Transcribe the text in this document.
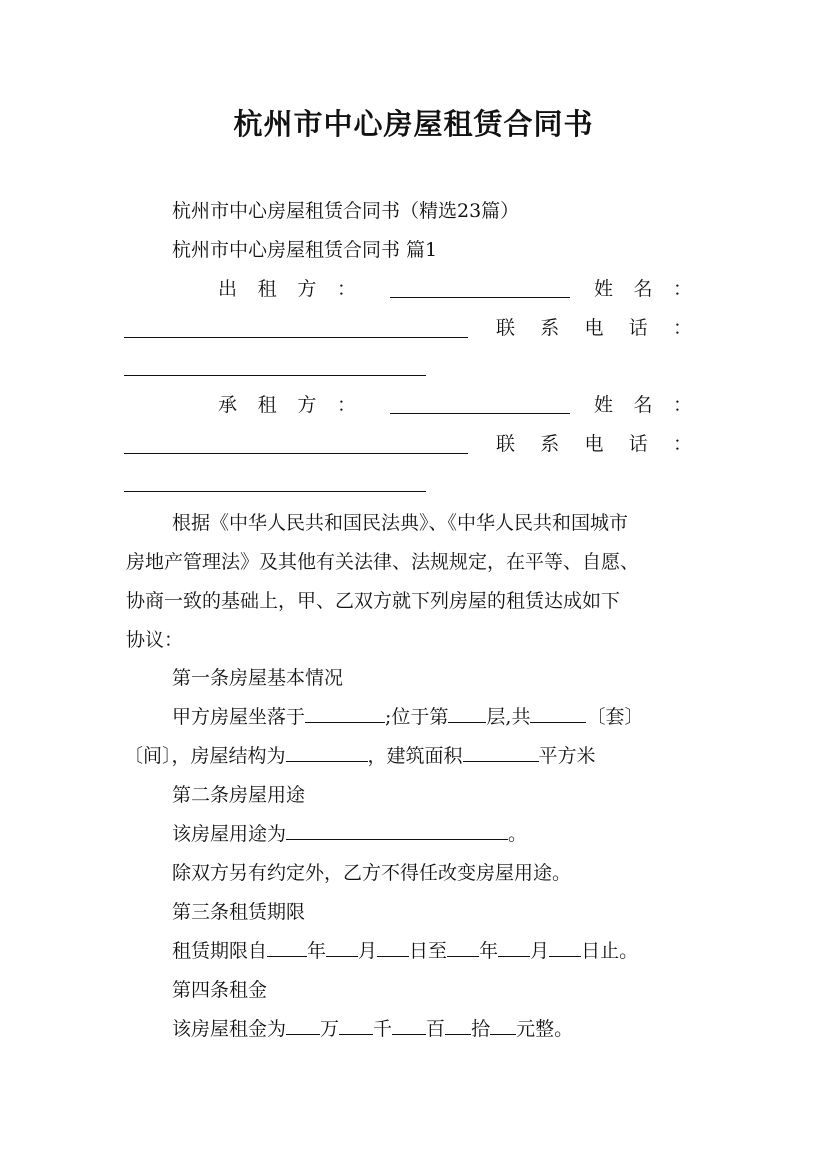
杭州市中心房屋租赁合同书
杭州市中心房屋租赁合同书（精选23篇）
杭州市中心房屋租赁合同书 篇1
出 租 方 ：	姓 名 ：
联 系 电 话 ：
承 租 方 ：	姓 名 ：
联 系 电 话 ：
根据《中华人民共和国民法典》、《中华人民共和国城市
房地产管理法》及其他有关法律、法规规定，在平等、自愿、
协商一致的基础上，甲、乙双方就下列房屋的租赁达成如下
协议：
第一条房屋基本情况
甲方房屋坐落于	;位于第 层,共	〔套〕
〔间〕，房屋结构为	，建筑面积	平方米
第二条房屋用途
该房屋用途为	。
除双方另有约定外，乙方不得任改变房屋用途。
第三条租赁期限
租赁期限自 年 月 日至 年 月 日止。
第四条租金
该房屋租金为 万 千 百 拾 元整。
